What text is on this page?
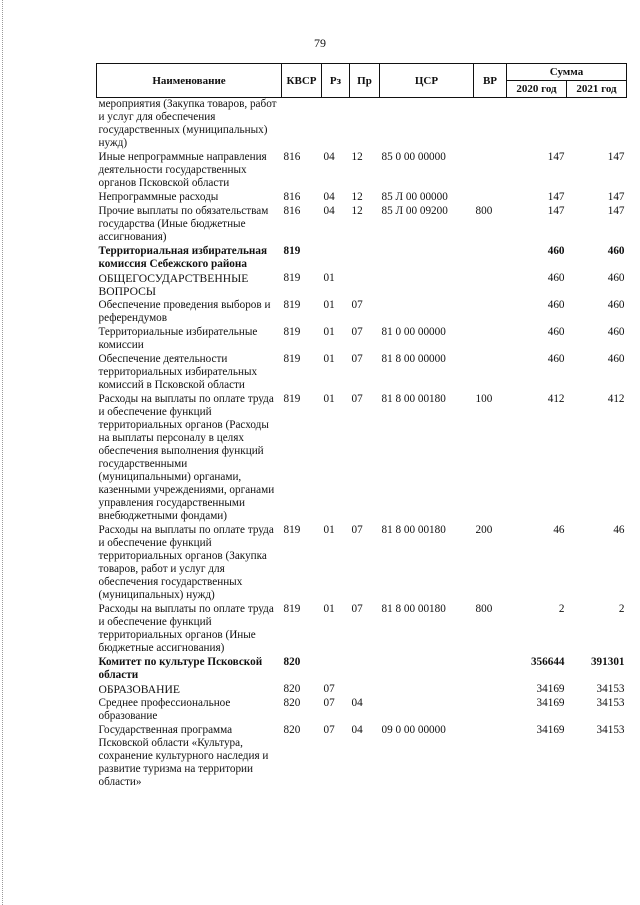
79
Наименование	КВСР	Рз	Пр	ЦСР	ВР	Сумма	
						2020 год	2021 год
мероприятия (Закупка товаров, работ и услуг для обеспечения государственных (муниципальных) нужд)							
Иные непрограммные направления деятельности государственных органов Псковской области	816	04	12	85 0 00 00000		147	147
Непрограммные расходы	816	04	12	85 Л 00 00000		147	147
Прочие выплаты по обязательствам государства (Иные бюджетные ассигнования)	816	04	12	85 Л 00 09200	800	147	147
Территориальная избирательная комиссия Себежского района	819					460	460
ОБЩЕГОСУДАРСТВЕННЫЕ ВОПРОСЫ	819	01				460	460
Обеспечение проведения выборов и референдумов	819	01	07			460	460
Территориальные избирательные комиссии	819	01	07	81 0 00 00000		460	460
Обеспечение деятельности территориальных избирательных комиссий в Псковской области	819	01	07	81 8 00 00000		460	460
Расходы на выплаты по оплате труда и обеспечение функций территориальных органов (Расходы на выплаты персоналу в целях обеспечения выполнения функций государственными (муниципальными) органами, казенными учреждениями, органами управления государственными внебюджетными фондами)	819	01	07	81 8 00 00180	100	412	412
Расходы на выплаты по оплате труда и обеспечение функций территориальных органов (Закупка товаров, работ и услуг для обеспечения государственных (муниципальных) нужд)	819	01	07	81 8 00 00180	200	46	46
Расходы на выплаты по оплате труда и обеспечение функций территориальных органов (Иные бюджетные ассигнования)	819	01	07	81 8 00 00180	800	2	2
Комитет по культуре Псковской области	820					356644	391301
ОБРАЗОВАНИЕ	820	07				34169	34153
Среднее профессиональное образование	820	07	04			34169	34153
Государственная программа Псковской области «Культура, сохранение культурного наследия и развитие туризма на территории области»	820	07	04	09 0 00 00000		34169	34153
